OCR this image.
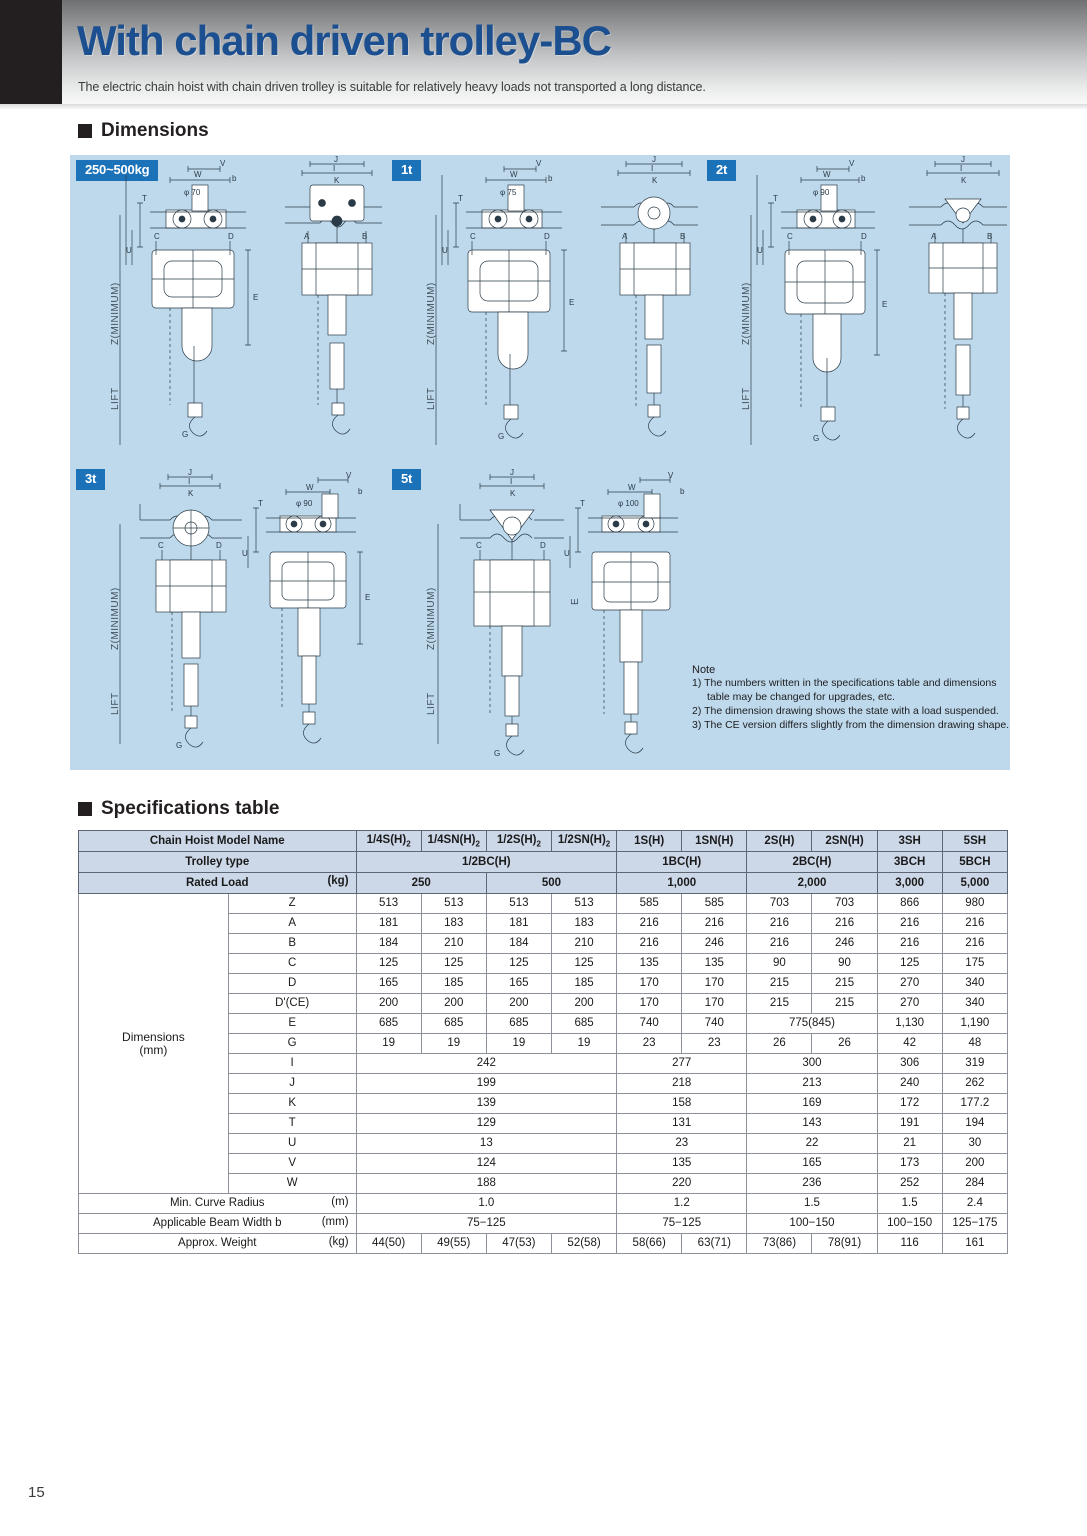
With chain driven trolley-BC
The electric chain hoist with chain driven trolley is suitable for relatively heavy loads not transported a long distance.
Dimensions
250~500kg	1t	2t
3t	5t
W
V
b
T
U
C	D
E
φ 70
I
J
K
A	B
G
Z(MINIMUM)
LIFT
W
V
b
T
U
C	D
E
φ 75
I
J
K
A	B
G
Z(MINIMUM)
LIFT
W
V
b
T
U
C	D
E
φ 90
I
J
K
A	B
G
Z(MINIMUM)
LIFT
I
J
K
C	D
W
V
b
T
U
E
φ 90
G
Z(MINIMUM)
LIFT
I
J
K
C	D
W
V
b
T
U
φ 100
G
Z(MINIMUM)
LIFT
E
Note
1) The numbers written in the specifications table and dimensions table may be changed for upgrades, etc.
2) The dimension drawing shows the state with a load suspended.
3) The CE version differs slightly from the dimension drawing shape.
Specifications table
Chain Hoist Model Name		$1/4S(H)_2$	$1/4SN(H)_2$	$1/2S(H)_2$	$1/2SN(H)_2$	1S(H)	1SN(H)	2S(H)	2SN(H)	3SH	5SH
Trolley type		1/2BC(H)				1BC(H)		2BC(H)		3BCH	5BCH
Rated Load (kg)		250		500		1,000		2,000		3,000	5,000
Dimensions
(mm)	Z	513	513	513	513	585	585	703	703	866	980
	A	181	183	181	183	216	216	216	216	216	216
	B	184	210	184	210	216	246	216	246	216	216
	C	125	125	125	125	135	135	90	90	125	175
	D	165	185	165	185	170	170	215	215	270	340
	D'(CE)	200	200	200	200	170	170	215	215	270	340
	E	685	685	685	685	740	740	775(845)		1,130	1,190
	G	19	19	19	19	23	23	26	26	42	48
	I	242				277		300		306	319
	J	199				218		213		240	262
	K	139				158		169		172	177.2
	T	129				131		143		191	194
	U	13				23		22		21	30
	V	124				135		165		173	200
	W	188				220		236		252	284
Min. Curve Radius (m)		1.0				1.2		1.5		1.5	2.4
Applicable Beam Width b (mm)		75−125				75−125		100−150		100−150	125−175
Approx. Weight (kg)		44(50)	49(55)	47(53)	52(58)	58(66)	63(71)	73(86)	78(91)	116	161
15
